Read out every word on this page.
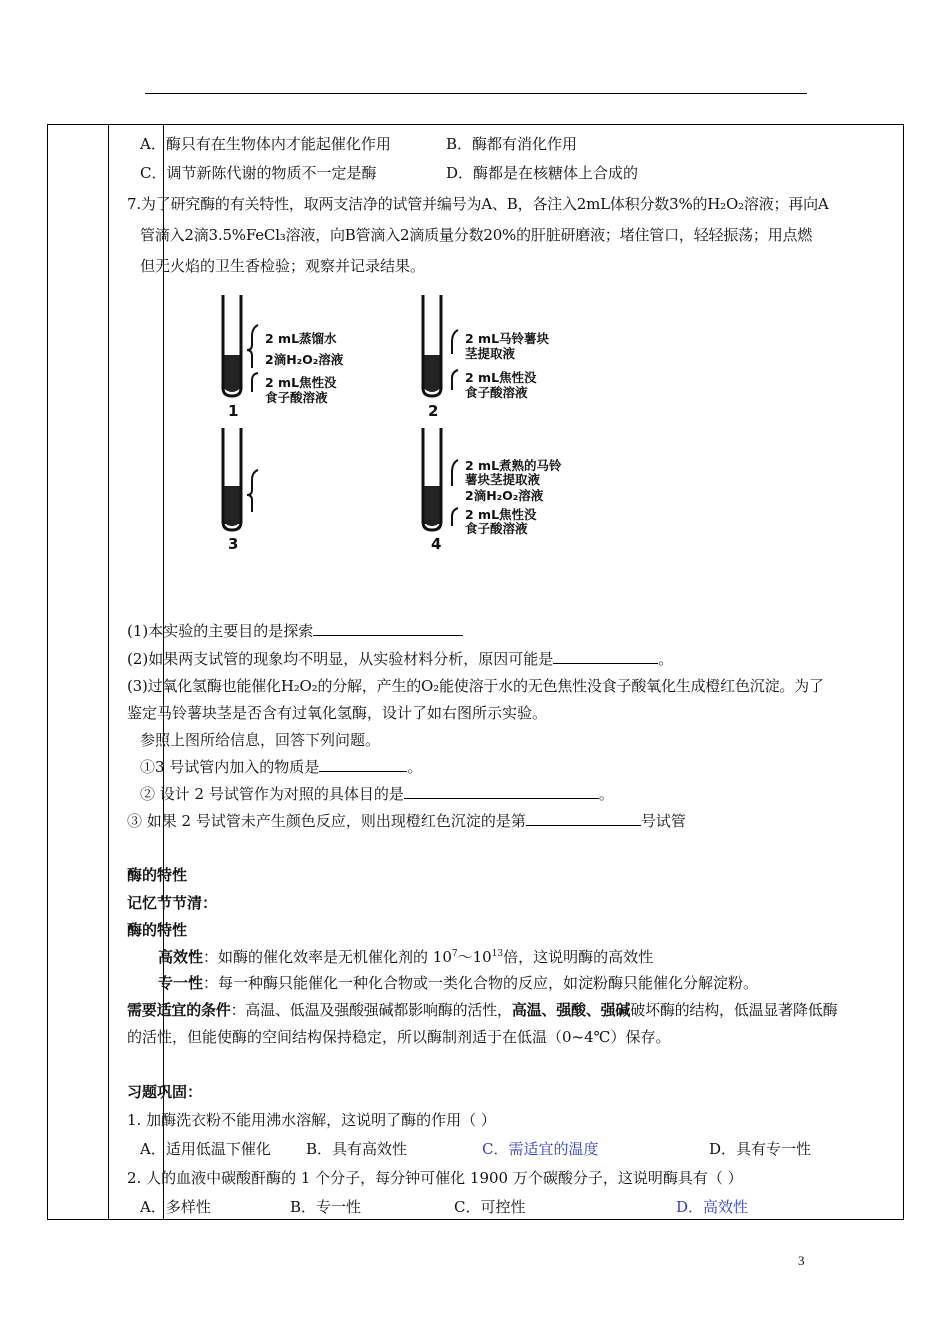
A．酶只有在生物体内才能起催化作用	B．酶都有消化作用
C．调节新陈代谢的物质不一定是酶	D．酶都是在核糖体上合成的
7.为了研究酶的有关特性，取两支洁净的试管并编号为A、B，各注入2mL体积分数3%的H₂O₂溶液；再向A
管滴入2滴3.5%FeCl₃溶液，向B管滴入2滴质量分数20%的肝脏研磨液；堵住管口，轻轻振荡；用点燃
但无火焰的卫生香检验；观察并记录结果。
2 mL蒸馏水
2滴H₂O₂溶液
2 mL焦性没
食子酸溶液
1
2 mL马铃薯块
茎提取液
2 mL焦性没
食子酸溶液
2
3
2 mL煮熟的马铃
薯块茎提取液
2滴H₂O₂溶液
2 mL焦性没
食子酸溶液
4
(1)本实验的主要目的是探索
(2)如果两支试管的现象均不明显，从实验材料分析，原因可能是	。
(3)过氧化氢酶也能催化H₂O₂的分解，产生的O₂能使溶于水的无色焦性没食子酸氧化生成橙红色沉淀。为了
鉴定马铃薯块茎是否含有过氧化氢酶，设计了如右图所示实验。
参照上图所给信息，回答下列问题。
①3 号试管内加入的物质是	。
② 设计 2 号试管作为对照的具体目的是	。
③ 如果 2 号试管未产生颜色反应，则出现橙红色沉淀的是第	号试管
酶的特性
记忆节节清：
酶的特性
高效性：如酶的催化效率是无机催化剂的 $10^7\sim 10^{13}$倍，这说明酶的高效性
专一性：每一种酶只能催化一种化合物或一类化合物的反应，如淀粉酶只能催化分解淀粉。
需要适宜的条件：高温、低温及强酸强碱都影响酶的活性，高温、强酸、强碱破坏酶的结构，低温显著降低酶
的活性，但能使酶的空间结构保持稳定，所以酶制剂适于在低温（0~4℃）保存。
习题巩固：
1. 加酶洗衣粉不能用沸水溶解，这说明了酶的作用（ ）
A．适用低温下催化 B．具有高效性	C．需适宜的温度	D．具有专一性
2. 人的血液中碳酸酐酶的 1 个分子，每分钟可催化 1900 万个碳酸分子，这说明酶具有（ ）
A．多样性	B．专一性	C．可控性	D．高效性
3
